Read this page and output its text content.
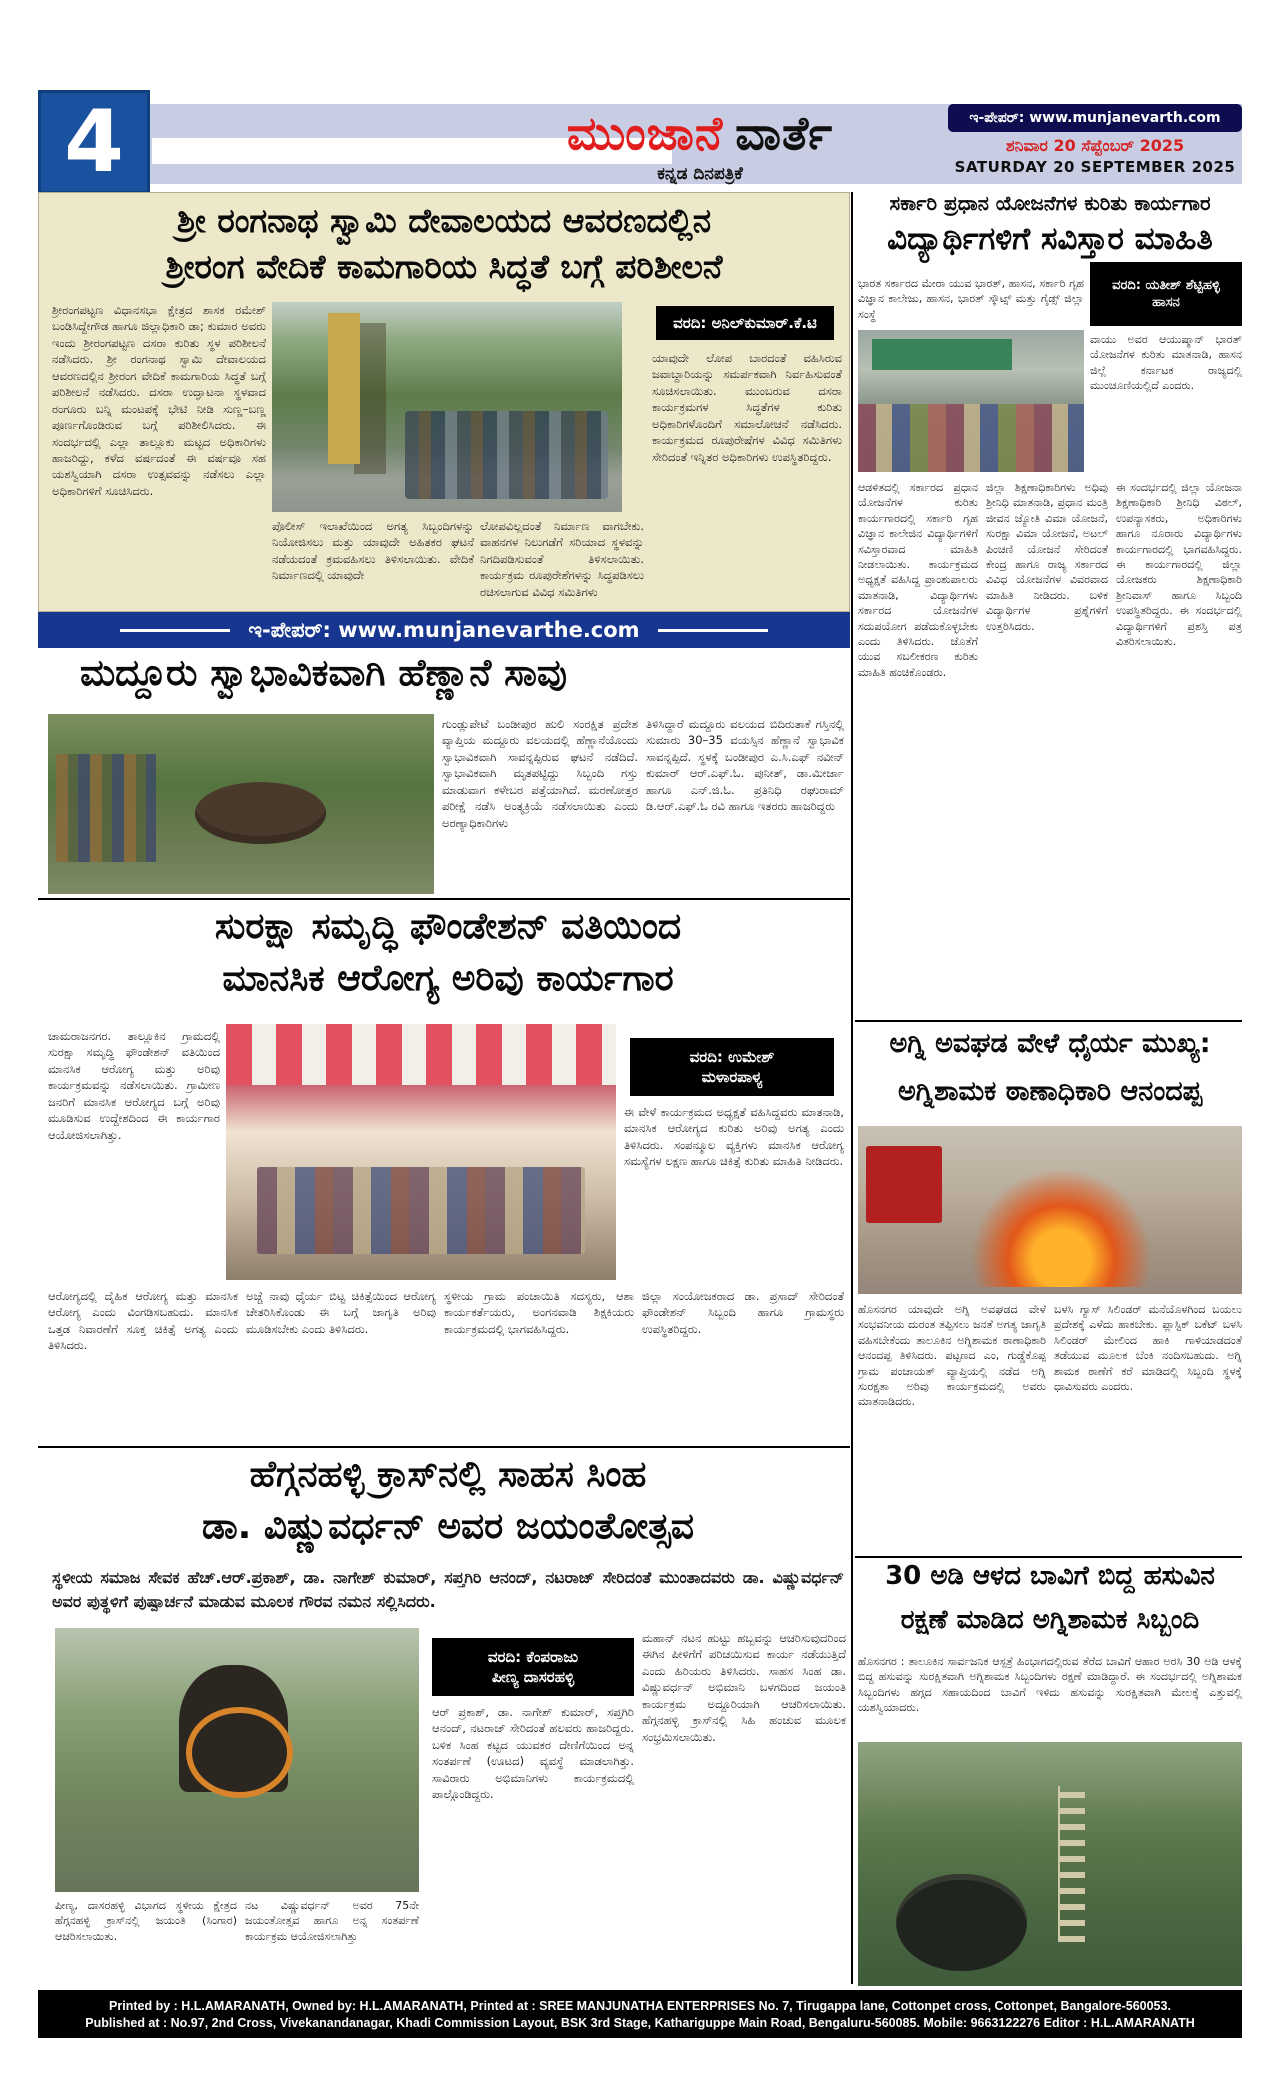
4	ಮುಂಜಾನೆ ವಾರ್ತೆ
ಕನ್ನಡ ದಿನಪತ್ರಿಕೆ
ಇ-ಪೇಪರ್: www.munjanevarth.com
ಶನಿವಾರ 20 ಸೆಪ್ಟೆಂಬರ್ 2025
SATURDAY 20 SEPTEMBER 2025
ಶ್ರೀ ರಂಗನಾಥ ಸ್ವಾಮಿ ದೇವಾಲಯದ ಆವರಣದಲ್ಲಿನ
ಶ್ರೀರಂಗ ವೇದಿಕೆ ಕಾಮಗಾರಿಯ ಸಿದ್ಧತೆ ಬಗ್ಗೆ ಪರಿಶೀಲನೆ
ಶ್ರೀರಂಗಪಟ್ಟಣ ವಿಧಾನಸಭಾ ಕ್ಷೇತ್ರದ ಶಾಸಕ ರಮೇಶ್ ಬಂಡಿಸಿದ್ದೇಗೌಡ ಹಾಗೂ ಜಿಲ್ಲಾಧಿಕಾರಿ ಡಾ; ಕುಮಾರ ಅವರು ಇಂದು ಶ್ರೀರಂಗಪಟ್ಟಣ ದಸರಾ ಕುರಿತು ಸ್ಥಳ ಪರಿಶೀಲನೆ ನಡೆಸಿದರು. ಶ್ರೀ ರಂಗನಾಥ ಸ್ವಾಮಿ ದೇವಾಲಯದ ಆವರಣದಲ್ಲಿನ ಶ್ರೀರಂಗ ವೇದಿಕೆ ಕಾಮಗಾರಿಯ ಸಿದ್ಧತೆ ಬಗ್ಗೆ ಪರಿಶೀಲನೆ ನಡೆಸಿದರು. ದಸರಾ ಉದ್ಘಾಟನಾ ಸ್ಥಳವಾದ ರಂಗೂರು ಬನ್ನಿ ಮಂಟಪಕ್ಕೆ ಭೇಟಿ ನೀಡಿ ಸುಣ್ಣ–ಬಣ್ಣ ಪೂರ್ಣಗೊಂಡಿರುವ ಬಗ್ಗೆ ಪರಿಶೀಲಿಸಿದರು. ಈ ಸಂದರ್ಭದಲ್ಲಿ ಎಲ್ಲಾ ತಾಲ್ಲೂಕು ಮಟ್ಟದ ಅಧಿಕಾರಿಗಳು ಹಾಜರಿದ್ದು, ಕಳೆದ ವರ್ಷದಂತೆ ಈ ವರ್ಷವೂ ಸಹ ಯಶಸ್ವಿಯಾಗಿ ದಸರಾ ಉತ್ಸವವನ್ನು ನಡೆಸಲು ಎಲ್ಲಾ ಅಧಿಕಾರಿಗಳಿಗೆ ಸೂಚಿಸಿದರು.
ಪೊಲೀಸ್ ಇಲಾಖೆಯಿಂದ ಅಗತ್ಯ ಸಿಬ್ಬಂದಿಗಳನ್ನು ನಿಯೋಜಿಸಲು ಮತ್ತು ಯಾವುದೇ ಅಹಿತಕರ ಘಟನೆ ನಡೆಯದಂತೆ ಕ್ರಮವಹಿಸಲು ತಿಳಿಸಲಾಯಿತು. ವೇದಿಕೆ ನಿರ್ಮಾಣದಲ್ಲಿ ಯಾವುದೇ
ಲೋಪವಿಲ್ಲದಂತೆ ನಿರ್ಮಾಣ ವಾಗಬೇಕು. ವಾಹನಗಳ ನಿಲುಗಡೆಗೆ ಸರಿಯಾದ ಸ್ಥಳವನ್ನು ನಿಗದಿಪಡಿಸುವಂತೆ ತಿಳಿಸಲಾಯಿತು. ಕಾರ್ಯಕ್ರಮ ರೂಪುರೇಶೆಗಳನ್ನು ಸಿದ್ಧಪಡಿಸಲು ರಚಿಸಲಾಗುವ ವಿವಿಧ ಸಮಿತಿಗಳು
ವರದಿ: ಅನಿಲ್‌ಕುಮಾರ್.ಕೆ.ಟಿ
ಯಾವುದೇ ಲೋಪ ಬಾರದಂತೆ ವಹಿಸಿರುವ ಜವಾಬ್ದಾರಿಯನ್ನು ಸಮರ್ಪಕವಾಗಿ ನಿರ್ವಹಿಸುವಂತೆ ಸೂಚಿಸಲಾಯಿತು. ಮುಂಬರುವ ದಸರಾ ಕಾರ್ಯಕ್ರಮಗಳ ಸಿದ್ಧತೆಗಳ ಕುರಿತು ಅಧಿಕಾರಿಗಳೊಂದಿಗೆ ಸಮಾಲೋಚನೆ ನಡೆಸಿದರು. ಕಾರ್ಯಕ್ರಮದ ರೂಪುರೇಷೆಗಳ ವಿವಿಧ ಸಮಿತಿಗಳು ಸೇರಿದಂತೆ ಇನ್ನಿತರ ಅಧಿಕಾರಿಗಳು ಉಪಸ್ಥಿತರಿದ್ದರು.
ಇ-ಪೇಪರ್: www.munjanevarthe.com
ಮದ್ದೂರು ಸ್ವಾಭಾವಿಕವಾಗಿ ಹೆಣ್ಣಾನೆ ಸಾವು
ಗುಂಡ್ಲುಪೇಟೆ ಬಂಡೀಪುರ ಹುಲಿ ಸಂರಕ್ಷಿತ ಪ್ರದೇಶ ವ್ಯಾಪ್ತಿಯ ಮದ್ದೂರು ವಲಯದಲ್ಲಿ ಹೆಣ್ಣಾನೆಯೊಂದು ಸ್ವಾಭಾವಿಕವಾಗಿ ಸಾವನ್ನಪ್ಪಿರುವ ಘಟನೆ ನಡೆದಿದೆ. ಸ್ವಾಭಾವಿಕವಾಗಿ ಮೃತಪಟ್ಟಿದ್ದು ಸಿಬ್ಬಂದಿ ಗಸ್ತು ಮಾಡುವಾಗ ಕಳೇಬರ ಪತ್ತೆಯಾಗಿದೆ. ಮರಣೋತ್ತರ ಪರೀಕ್ಷೆ ನಡೆಸಿ ಅಂತ್ಯಕ್ರಿಯೆ ನಡೆಸಲಾಯಿತು ಎಂದು ಅರಣ್ಯಾಧಿಕಾರಿಗಳು
ತಿಳಿಸಿದ್ದಾರೆ ಮದ್ದೂರು ವಲಯದ ಬಿದಿರುತಾಕೆ ಗಸ್ತಿನಲ್ಲಿ ಸುಮಾರು 30–35 ವಯಸ್ಸಿನ ಹೆಣ್ಣಾನೆ ಸ್ವಾಭಾವಿಕ ಸಾವನ್ನಪ್ಪಿದೆ. ಸ್ಥಳಕ್ಕೆ ಬಂಡೀಪುರ ಎ.ಸಿ.ಎಫ್ ನವೀನ್ ಕುಮಾರ್ ಆರ್.ಎಫ್.ಓ. ಪುನೀತ್, ಡಾ.ಮೀರ್ಜಾ ಹಾಗೂ ಎನ್.ಜಿ.ಓ. ಪ್ರತಿನಿಧಿ ರಘುರಾಮ್ ಡಿ.ಆರ್.ಎಫ್.ಓ ರವಿ ಹಾಗೂ ಇತರರು ಹಾಜರಿದ್ದರು
ಸುರಕ್ಷಾ ಸಮೃದ್ಧಿ ಫೌಂಡೇಶನ್ ವತಿಯಿಂದ
ಮಾನಸಿಕ ಆರೋಗ್ಯ ಅರಿವು ಕಾರ್ಯಗಾರ
ಚಾಮರಾಜನಗರ. ತಾಲ್ಲೂಕಿನ ಗ್ರಾಮದಲ್ಲಿ ಸುರಕ್ಷಾ ಸಮೃದ್ಧಿ ಫೌಂಡೇಶನ್ ವತಿಯಿಂದ ಮಾನಸಿಕ ಆರೋಗ್ಯ ಮತ್ತು ಅರಿವು ಕಾರ್ಯಕ್ರಮವನ್ನು ನಡೆಸಲಾಯಿತು. ಗ್ರಾಮೀಣ ಜನರಿಗೆ ಮಾನಸಿಕ ಆರೋಗ್ಯದ ಬಗ್ಗೆ ಅರಿವು ಮೂಡಿಸುವ ಉದ್ದೇಶದಿಂದ ಈ ಕಾರ್ಯಗಾರ ಆಯೋಜಿಸಲಾಗಿತ್ತು.
ವರದಿ: ಉಮೇಶ್
ಮಳಾರಪಾಳ್ಯ
ಈ ವೇಳೆ ಕಾರ್ಯಕ್ರಮದ ಅಧ್ಯಕ್ಷತೆ ವಹಿಸಿದ್ದವರು ಮಾತನಾಡಿ, ಮಾನಸಿಕ ಆರೋಗ್ಯದ ಕುರಿತು ಅರಿವು ಅಗತ್ಯ ಎಂದು ತಿಳಿಸಿದರು. ಸಂಪನ್ಮೂಲ ವ್ಯಕ್ತಿಗಳು ಮಾನಸಿಕ ಆರೋಗ್ಯ ಸಮಸ್ಯೆಗಳ ಲಕ್ಷಣ ಹಾಗೂ ಚಿಕಿತ್ಸೆ ಕುರಿತು ಮಾಹಿತಿ ನೀಡಿದರು.
ಆರೋಗ್ಯದಲ್ಲಿ ದೈಹಿಕ ಆರೋಗ್ಯ ಮತ್ತು ಮಾನಸಿಕ ಆರೋಗ್ಯ ಎಂದು ವಿಂಗಡಿಸಬಹುದು. ಮಾನಸಿಕ ಒತ್ತಡ ನಿವಾರಣೆಗೆ ಸೂಕ್ತ ಚಿಕಿತ್ಸೆ ಅಗತ್ಯ ಎಂದು ತಿಳಿಸಿದರು.
ಅಚ್ಚೆ ನಾವು ಧೈರ್ಯ ಬಿಟ್ಟ ಚಿಕಿತ್ಸೆಯಿಂದ ಆರೋಗ್ಯ ಚೇತರಿಸಿಕೊಂಡು ಈ ಬಗ್ಗೆ ಜಾಗೃತಿ ಅರಿವು ಮೂಡಿಸಬೇಕು ಎಂದು ತಿಳಿಸಿದರು.
ಸ್ಥಳೀಯ ಗ್ರಾಮ ಪಂಚಾಯಿತಿ ಸದಸ್ಯರು, ಆಶಾ ಕಾರ್ಯಕರ್ತೆಯರು, ಅಂಗನವಾಡಿ ಶಿಕ್ಷಕಿಯರು ಕಾರ್ಯಕ್ರಮದಲ್ಲಿ ಭಾಗವಹಿಸಿದ್ದರು.
ಜಿಲ್ಲಾ ಸಂಯೋಜಕರಾದ ಡಾ. ಪ್ರಸಾದ್ ಸೇರಿದಂತೆ ಫೌಂಡೇಶನ್ ಸಿಬ್ಬಂದಿ ಹಾಗೂ ಗ್ರಾಮಸ್ಥರು ಉಪಸ್ಥಿತರಿದ್ದರು.
ಹೆಗ್ಗನಹಳ್ಳಿ ಕ್ರಾಸ್‌ನಲ್ಲಿ ಸಾಹಸ ಸಿಂಹ
ಡಾ. ವಿಷ್ಣುವರ್ಧನ್ ಅವರ ಜಯಂತೋತ್ಸವ
ಸ್ಥಳೀಯ ಸಮಾಜ ಸೇವಕ ಹೆಚ್.ಆರ್.ಪ್ರಕಾಶ್, ಡಾ. ನಾಗೇಶ್ ಕುಮಾರ್, ಸಪ್ತಗಿರಿ ಆನಂದ್, ನಟರಾಜ್ ಸೇರಿದಂತೆ ಮುಂತಾದವರು ಡಾ. ವಿಷ್ಣುವರ್ಧನ್ ಅವರ ಪುತ್ಥಳಿಗೆ ಪುಷ್ಪಾರ್ಚನೆ ಮಾಡುವ ಮೂಲಕ ಗೌರವ ನಮನ ಸಲ್ಲಿಸಿದರು.
ಪೀಣ್ಯ, ದಾಸರಹಳ್ಳಿ ವಿಭಾಗದ ಸ್ಥಳೀಯ ಕ್ಷೇತ್ರದ ಹೆಗ್ಗನಹಳ್ಳಿ ಕ್ರಾಸ್‌ನಲ್ಲಿ ಜಯಂತಿ (ಸಿಂಗಾರ) ಆಚರಿಸಲಾಯಿತು.
ನಟ ವಿಷ್ಣುವರ್ಧನ್ ಅವರ 75ನೇ ಜಯಂತೋತ್ಸವ ಹಾಗೂ ಅನ್ನ ಸಂತರ್ಪಣೆ ಕಾರ್ಯಕ್ರಮ ಆಯೋಜಿಸಲಾಗಿತ್ತು
ವರದಿ: ಕೆಂಪರಾಜು
ಪೀಣ್ಯ ದಾಸರಹಳ್ಳಿ
ಆರ್ ಪ್ರಕಾಶ್, ಡಾ. ನಾಗೇಶ್ ಕುಮಾರ್, ಸಪ್ತಗಿರಿ ಆನಂದ್, ನಟರಾಜ್ ಸೇರಿದಂತೆ ಹಲವರು ಹಾಜರಿದ್ದರು. ಬಳಿಕ ಸಿಂಹ ಕಟ್ಟದ ಯುವಕರ ದೇಣಿಗೆಯಿಂದ ಅನ್ನ ಸಂತರ್ಪಣೆ (ಊಟದ) ವ್ಯವಸ್ಥೆ ಮಾಡಲಾಗಿತ್ತು. ಸಾವಿರಾರು ಅಭಿಮಾನಿಗಳು ಕಾರ್ಯಕ್ರಮದಲ್ಲಿ ಪಾಲ್ಗೊಂಡಿದ್ದರು.
ಮಹಾನ್ ನಟನ ಹುಟ್ಟು ಹಬ್ಬವನ್ನು ಆಚರಿಸುವುದರಿಂದ ಈಗಿನ ಪೀಳಿಗೆಗೆ ಪರಿಚಯಿಸುವ ಕಾರ್ಯ ನಡೆಯುತ್ತಿದೆ ಎಂದು ಹಿರಿಯರು ತಿಳಿಸಿದರು. ಸಾಹಸ ಸಿಂಹ ಡಾ. ವಿಷ್ಣುವರ್ಧನ್ ಅಭಿಮಾನಿ ಬಳಗದಿಂದ ಜಯಂತಿ ಕಾರ್ಯಕ್ರಮ ಅದ್ದೂರಿಯಾಗಿ ಆಚರಿಸಲಾಯಿತು. ಹೆಗ್ಗನಹಳ್ಳಿ ಕ್ರಾಸ್‌ನಲ್ಲಿ ಸಿಹಿ ಹಂಚುವ ಮೂಲಕ ಸಂಭ್ರಮಿಸಲಾಯಿತು.
ಸರ್ಕಾರಿ ಪ್ರಧಾನ ಯೋಜನೆಗಳ ಕುರಿತು ಕಾರ್ಯಗಾರ
ವಿದ್ಯಾರ್ಥಿಗಳಿಗೆ ಸವಿಸ್ತಾರ ಮಾಹಿತಿ
ಭಾರತ ಸರ್ಕಾರದ ಮೇರಾ ಯುವ ಭಾರತ್, ಹಾಸನ, ಸರ್ಕಾರಿ ಗೃಹ ವಿಜ್ಞಾನ ಕಾಲೇಜು, ಹಾಸನ, ಭಾರತ್ ಸ್ಕೌಟ್ಸ್ ಮತ್ತು ಗೈಡ್ಸ್ ಜಿಲ್ಲಾ ಸಂಸ್ಥೆ
ವರದಿ: ಯತೀಶ್ ಶೆಟ್ಟಿಹಳ್ಳಿ
ಹಾಸನ
ವಾಯು ಅವರ ಆಯುಷ್ಮಾನ್ ಭಾರತ್ ಯೋಜನೆಗಳ ಕುರಿತು ಮಾತನಾಡಿ, ಹಾಸನ ಜಿಲ್ಲೆ ಕರ್ನಾಟಕ ರಾಜ್ಯದಲ್ಲಿ ಮುಂಚೂಣಿಯಲ್ಲಿದೆ ಎಂದರು.
ಆಡಳಿತದಲ್ಲಿ ಸರ್ಕಾರದ ಪ್ರಧಾನ ಯೋಜನೆಗಳ ಕುರಿತು ಕಾರ್ಯಗಾರದಲ್ಲಿ ಸರ್ಕಾರಿ ಗೃಹ ವಿಜ್ಞಾನ ಕಾಲೇಜಿನ ವಿದ್ಯಾರ್ಥಿಗಳಿಗೆ ಸವಿಸ್ತಾರವಾದ ಮಾಹಿತಿ ನೀಡಲಾಯಿತು. ಕಾರ್ಯಕ್ರಮದ ಅಧ್ಯಕ್ಷತೆ ವಹಿಸಿದ್ದ ಪ್ರಾಂಶುಪಾಲರು ಮಾತನಾಡಿ, ವಿದ್ಯಾರ್ಥಿಗಳು ಸರ್ಕಾರದ ಯೋಜನೆಗಳ ಸದುಪಯೋಗ ಪಡೆದುಕೊಳ್ಳಬೇಕು ಎಂದು ತಿಳಿಸಿದರು. ಜೊತೆಗೆ ಯುವ ಸಬಲೀಕರಣ ಕುರಿತು ಮಾಹಿತಿ ಹಂಚಿಕೊಂಡರು.
ಜಿಲ್ಲಾ ಶಿಕ್ಷಣಾಧಿಕಾರಿಗಳು ಅಧಿವು ಶ್ರೀನಿಧಿ ಮಾತನಾಡಿ, ಪ್ರಧಾನ ಮಂತ್ರಿ ಜೀವನ ಜ್ಯೋತಿ ವಿಮಾ ಯೋಜನೆ, ಸುರಕ್ಷಾ ವಿಮಾ ಯೋಜನೆ, ಅಟಲ್ ಪಿಂಚಣಿ ಯೋಜನೆ ಸೇರಿದಂತೆ ಕೇಂದ್ರ ಹಾಗೂ ರಾಜ್ಯ ಸರ್ಕಾರದ ವಿವಿಧ ಯೋಜನೆಗಳ ವಿವರವಾದ ಮಾಹಿತಿ ನೀಡಿದರು. ಬಳಿಕ ವಿದ್ಯಾರ್ಥಿಗಳ ಪ್ರಶ್ನೆಗಳಿಗೆ ಉತ್ತರಿಸಿದರು.
ಈ ಸಂದರ್ಭದಲ್ಲಿ ಜಿಲ್ಲಾ ಯೋಜನಾ ಶಿಕ್ಷಣಾಧಿಕಾರಿ ಶ್ರೀನಿಧಿ ವಿಠಲ್, ಉಪನ್ಯಾಸಕರು, ಅಧಿಕಾರಿಗಳು ಹಾಗೂ ನೂರಾರು ವಿದ್ಯಾರ್ಥಿಗಳು ಕಾರ್ಯಗಾರದಲ್ಲಿ ಭಾಗವಹಿಸಿದ್ದರು. ಈ ಕಾರ್ಯಗಾರದಲ್ಲಿ ಜಿಲ್ಲಾ ಯೋಜಕರು ಶಿಕ್ಷಣಾಧಿಕಾರಿ ಶ್ರೀನಿವಾಸ್ ಹಾಗೂ ಸಿಬ್ಬಂದಿ ಉಪಸ್ಥಿತರಿದ್ದರು. ಈ ಸಂದರ್ಭದಲ್ಲಿ ವಿದ್ಯಾರ್ಥಿಗಳಿಗೆ ಪ್ರಶಸ್ತಿ ಪತ್ರ ವಿತರಿಸಲಾಯಿತು.
ಅಗ್ನಿ ಅವಘಡ ವೇಳೆ ಧೈರ್ಯ ಮುಖ್ಯ:
ಅಗ್ನಿಶಾಮಕ ಠಾಣಾಧಿಕಾರಿ ಆನಂದಪ್ಪ
ಹೊಸನಗರ ಯಾವುದೇ ಅಗ್ನಿ ಅವಘಡದ ವೇಳೆ ಸಂಭವನೀಯ ದುರಂತ ತಪ್ಪಿಸಲು ಜನತೆ ಅಗತ್ಯ ಜಾಗೃತಿ ವಹಿಸಬೇಕೆಂದು ತಾಲೂಕಿನ ಅಗ್ನಿಶಾಮಕ ಠಾಣಾಧಿಕಾರಿ ಆನಂದಪ್ಪ ತಿಳಿಸಿದರು. ಪಟ್ಟಣದ ಎಂ, ಗುಡ್ಡೆಕೊಪ್ಪ ಗ್ರಾಮ ಪಂಚಾಯತ್ ವ್ಯಾಪ್ತಿಯಲ್ಲಿ ನಡೆದ ಅಗ್ನಿ ಸುರಕ್ಷತಾ ಅರಿವು ಕಾರ್ಯಕ್ರಮದಲ್ಲಿ ಅವರು ಮಾತನಾಡಿದರು.
ಬಳಸಿ ಗ್ಯಾಸ್ ಸಿಲಿಂಡರ್ ಮನೆಯೊಳಗಿಂದ ಬಯಲು ಪ್ರದೇಶಕ್ಕೆ ಎಳೆದು ಹಾಕಬೇಕು. ಪ್ಲಾಸ್ಟಿಕ್ ಬಕೆಟ್ ಬಳಸಿ ಸಿಲಿಂಡರ್ ಮೇಲಿಂದ ಹಾಕಿ ಗಾಳಿಯಾಡದಂತೆ ತಡೆಯುವ ಮೂಲಕ ಬೆಂಕಿ ನಂದಿಸಬಹುದು. ಅಗ್ನಿ ಶಾಮಕ ಠಾಣೆಗೆ ಕರೆ ಮಾಡಿದಲ್ಲಿ ಸಿಬ್ಬಂದಿ ಸ್ಥಳಕ್ಕೆ ಧಾವಿಸುವರು ಎಂದರು.
30 ಅಡಿ ಆಳದ ಬಾವಿಗೆ ಬಿದ್ದ ಹಸುವಿನ
ರಕ್ಷಣೆ ಮಾಡಿದ ಅಗ್ನಿಶಾಮಕ ಸಿಬ್ಬಂದಿ
ಹೊಸನಗರ : ತಾಲೂಕಿನ ಸಾರ್ವಜನಿಕ ಆಸ್ಪತ್ರೆ ಹಿಂಭಾಗದಲ್ಲಿರುವ ತೆರೆದ ಬಾವಿಗೆ ಆಹಾರ ಅರಸಿ 30 ಅಡಿ ಆಳಕ್ಕೆ ಬಿದ್ದ ಹಸುವನ್ನು ಸುರಕ್ಷಿತವಾಗಿ ಅಗ್ನಿಶಾಮಕ ಸಿಬ್ಬಂದಿಗಳು ರಕ್ಷಣೆ ಮಾಡಿದ್ದಾರೆ. ಈ ಸಂದರ್ಭದಲ್ಲಿ ಅಗ್ನಿಶಾಮಕ ಸಿಬ್ಬಂದಿಗಳು ಹಗ್ಗದ ಸಹಾಯದಿಂದ ಬಾವಿಗೆ ಇಳಿದು ಹಸುವನ್ನು ಸುರಕ್ಷಿತವಾಗಿ ಮೇಲಕ್ಕೆ ಎತ್ತುವಲ್ಲಿ ಯಶಸ್ವಿಯಾದರು.
Printed by : H.L.AMARANATH, Owned by: H.L.AMARANATH, Printed at : SREE MANJUNATHA ENTERPRISES No. 7, Tirugappa lane, Cottonpet cross, Cottonpet, Bangalore-560053.
Published at : No.97, 2nd Cross, Vivekanandanagar, Khadi Commission Layout, BSK 3rd Stage, Kathariguppe Main Road, Bengaluru-560085. Mobile: 9663122276 Editor : H.L.AMARANATH
